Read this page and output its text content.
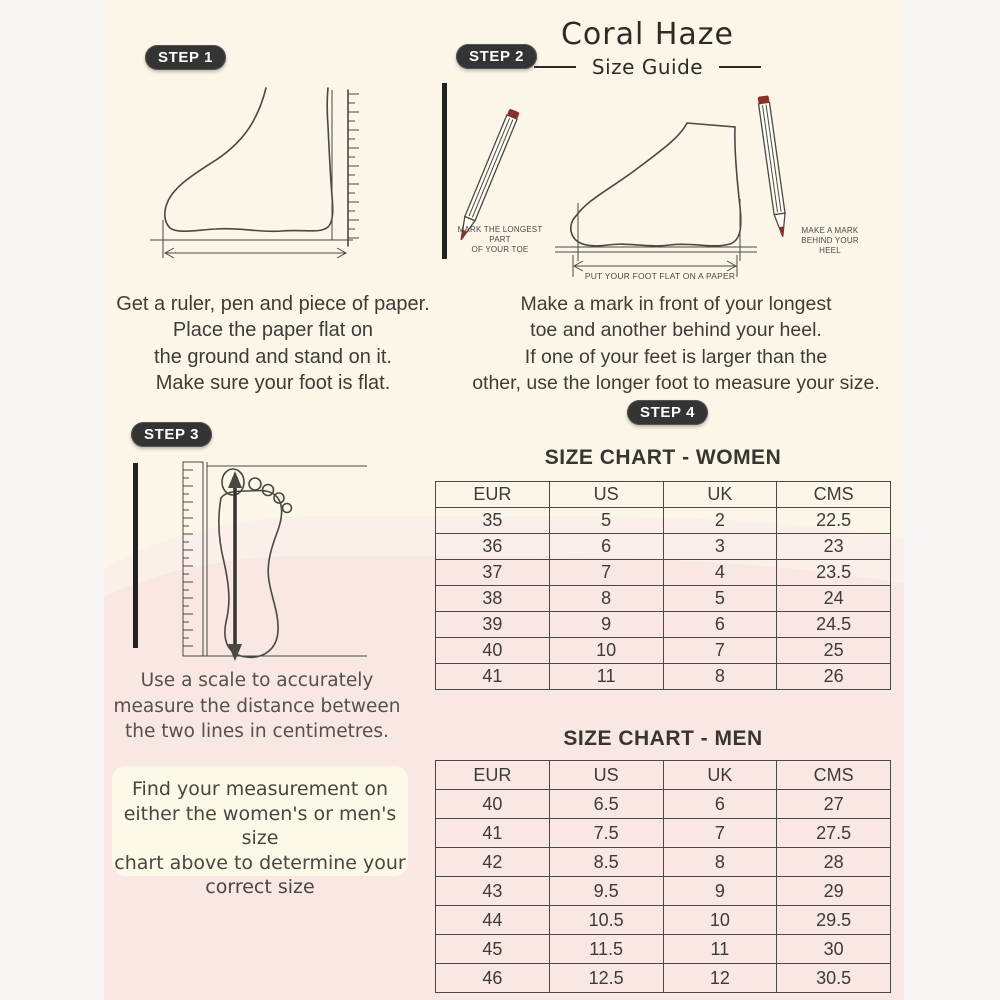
Coral Haze
Size Guide
STEP 1
Get a ruler, pen and piece of paper.
Place the paper flat on
the ground and stand on it.
Make sure your foot is flat.
STEP 2
MARK THE LONGEST
PART
OF YOUR TOE
MAKE A MARK
BEHIND YOUR
HEEL
PUT YOUR FOOT FLAT ON A PAPER
Make a mark in front of your longest
toe and another behind your heel.
If one of your feet is larger than the
other, use the longer foot to measure your size.
STEP 3
Use a scale to accurately
measure the distance between
the two lines in centimetres.
Find your measurement on
either the women's or men's size
chart above to determine your
correct size
STEP 4
SIZE CHART - WOMEN
EUR	US	UK	CMS
35	5	2	22.5
36	6	3	23
37	7	4	23.5
38	8	5	24
39	9	6	24.5
40	10	7	25
41	11	8	26
SIZE CHART - MEN
EUR	US	UK	CMS
40	6.5	6	27
41	7.5	7	27.5
42	8.5	8	28
43	9.5	9	29
44	10.5	10	29.5
45	11.5	11	30
46	12.5	12	30.5
